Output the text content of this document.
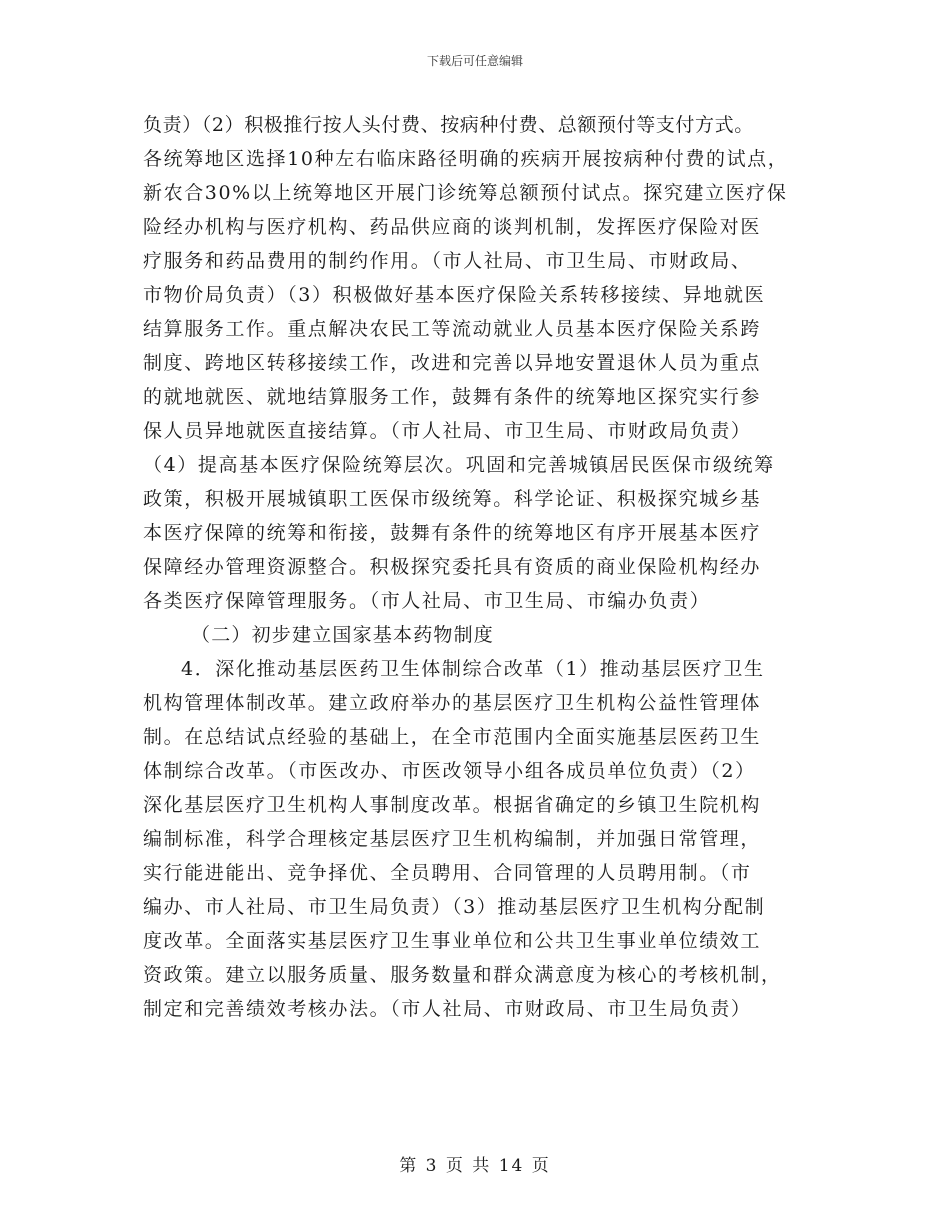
下载后可任意编辑
负责）（2）积极推行按人头付费、按病种付费、总额预付等支付方式。
各统筹地区选择10种左右临床路径明确的疾病开展按病种付费的试点，
新农合30%以上统筹地区开展门诊统筹总额预付试点。探究建立医疗保
险经办机构与医疗机构、药品供应商的谈判机制，发挥医疗保险对医
疗服务和药品费用的制约作用。（市人社局、市卫生局、市财政局、
市物价局负责）（3）积极做好基本医疗保险关系转移接续、异地就医
结算服务工作。重点解决农民工等流动就业人员基本医疗保险关系跨
制度、跨地区转移接续工作，改进和完善以异地安置退休人员为重点
的就地就医、就地结算服务工作，鼓舞有条件的统筹地区探究实行参
保人员异地就医直接结算。（市人社局、市卫生局、市财政局负责）
（4）提高基本医疗保险统筹层次。巩固和完善城镇居民医保市级统筹
政策，积极开展城镇职工医保市级统筹。科学论证、积极探究城乡基
本医疗保障的统筹和衔接，鼓舞有条件的统筹地区有序开展基本医疗
保障经办管理资源整合。积极探究委托具有资质的商业保险机构经办
各类医疗保障管理服务。（市人社局、市卫生局、市编办负责）
（二）初步建立国家基本药物制度
4．深化推动基层医药卫生体制综合改革（1）推动基层医疗卫生
机构管理体制改革。建立政府举办的基层医疗卫生机构公益性管理体
制。在总结试点经验的基础上，在全市范围内全面实施基层医药卫生
体制综合改革。（市医改办、市医改领导小组各成员单位负责）（2）
深化基层医疗卫生机构人事制度改革。根据省确定的乡镇卫生院机构
编制标准，科学合理核定基层医疗卫生机构编制，并加强日常管理，
实行能进能出、竞争择优、全员聘用、合同管理的人员聘用制。（市
编办、市人社局、市卫生局负责）（3）推动基层医疗卫生机构分配制
度改革。全面落实基层医疗卫生事业单位和公共卫生事业单位绩效工
资政策。建立以服务质量、服务数量和群众满意度为核心的考核机制，
制定和完善绩效考核办法。（市人社局、市财政局、市卫生局负责）
第 3 页 共 14 页
